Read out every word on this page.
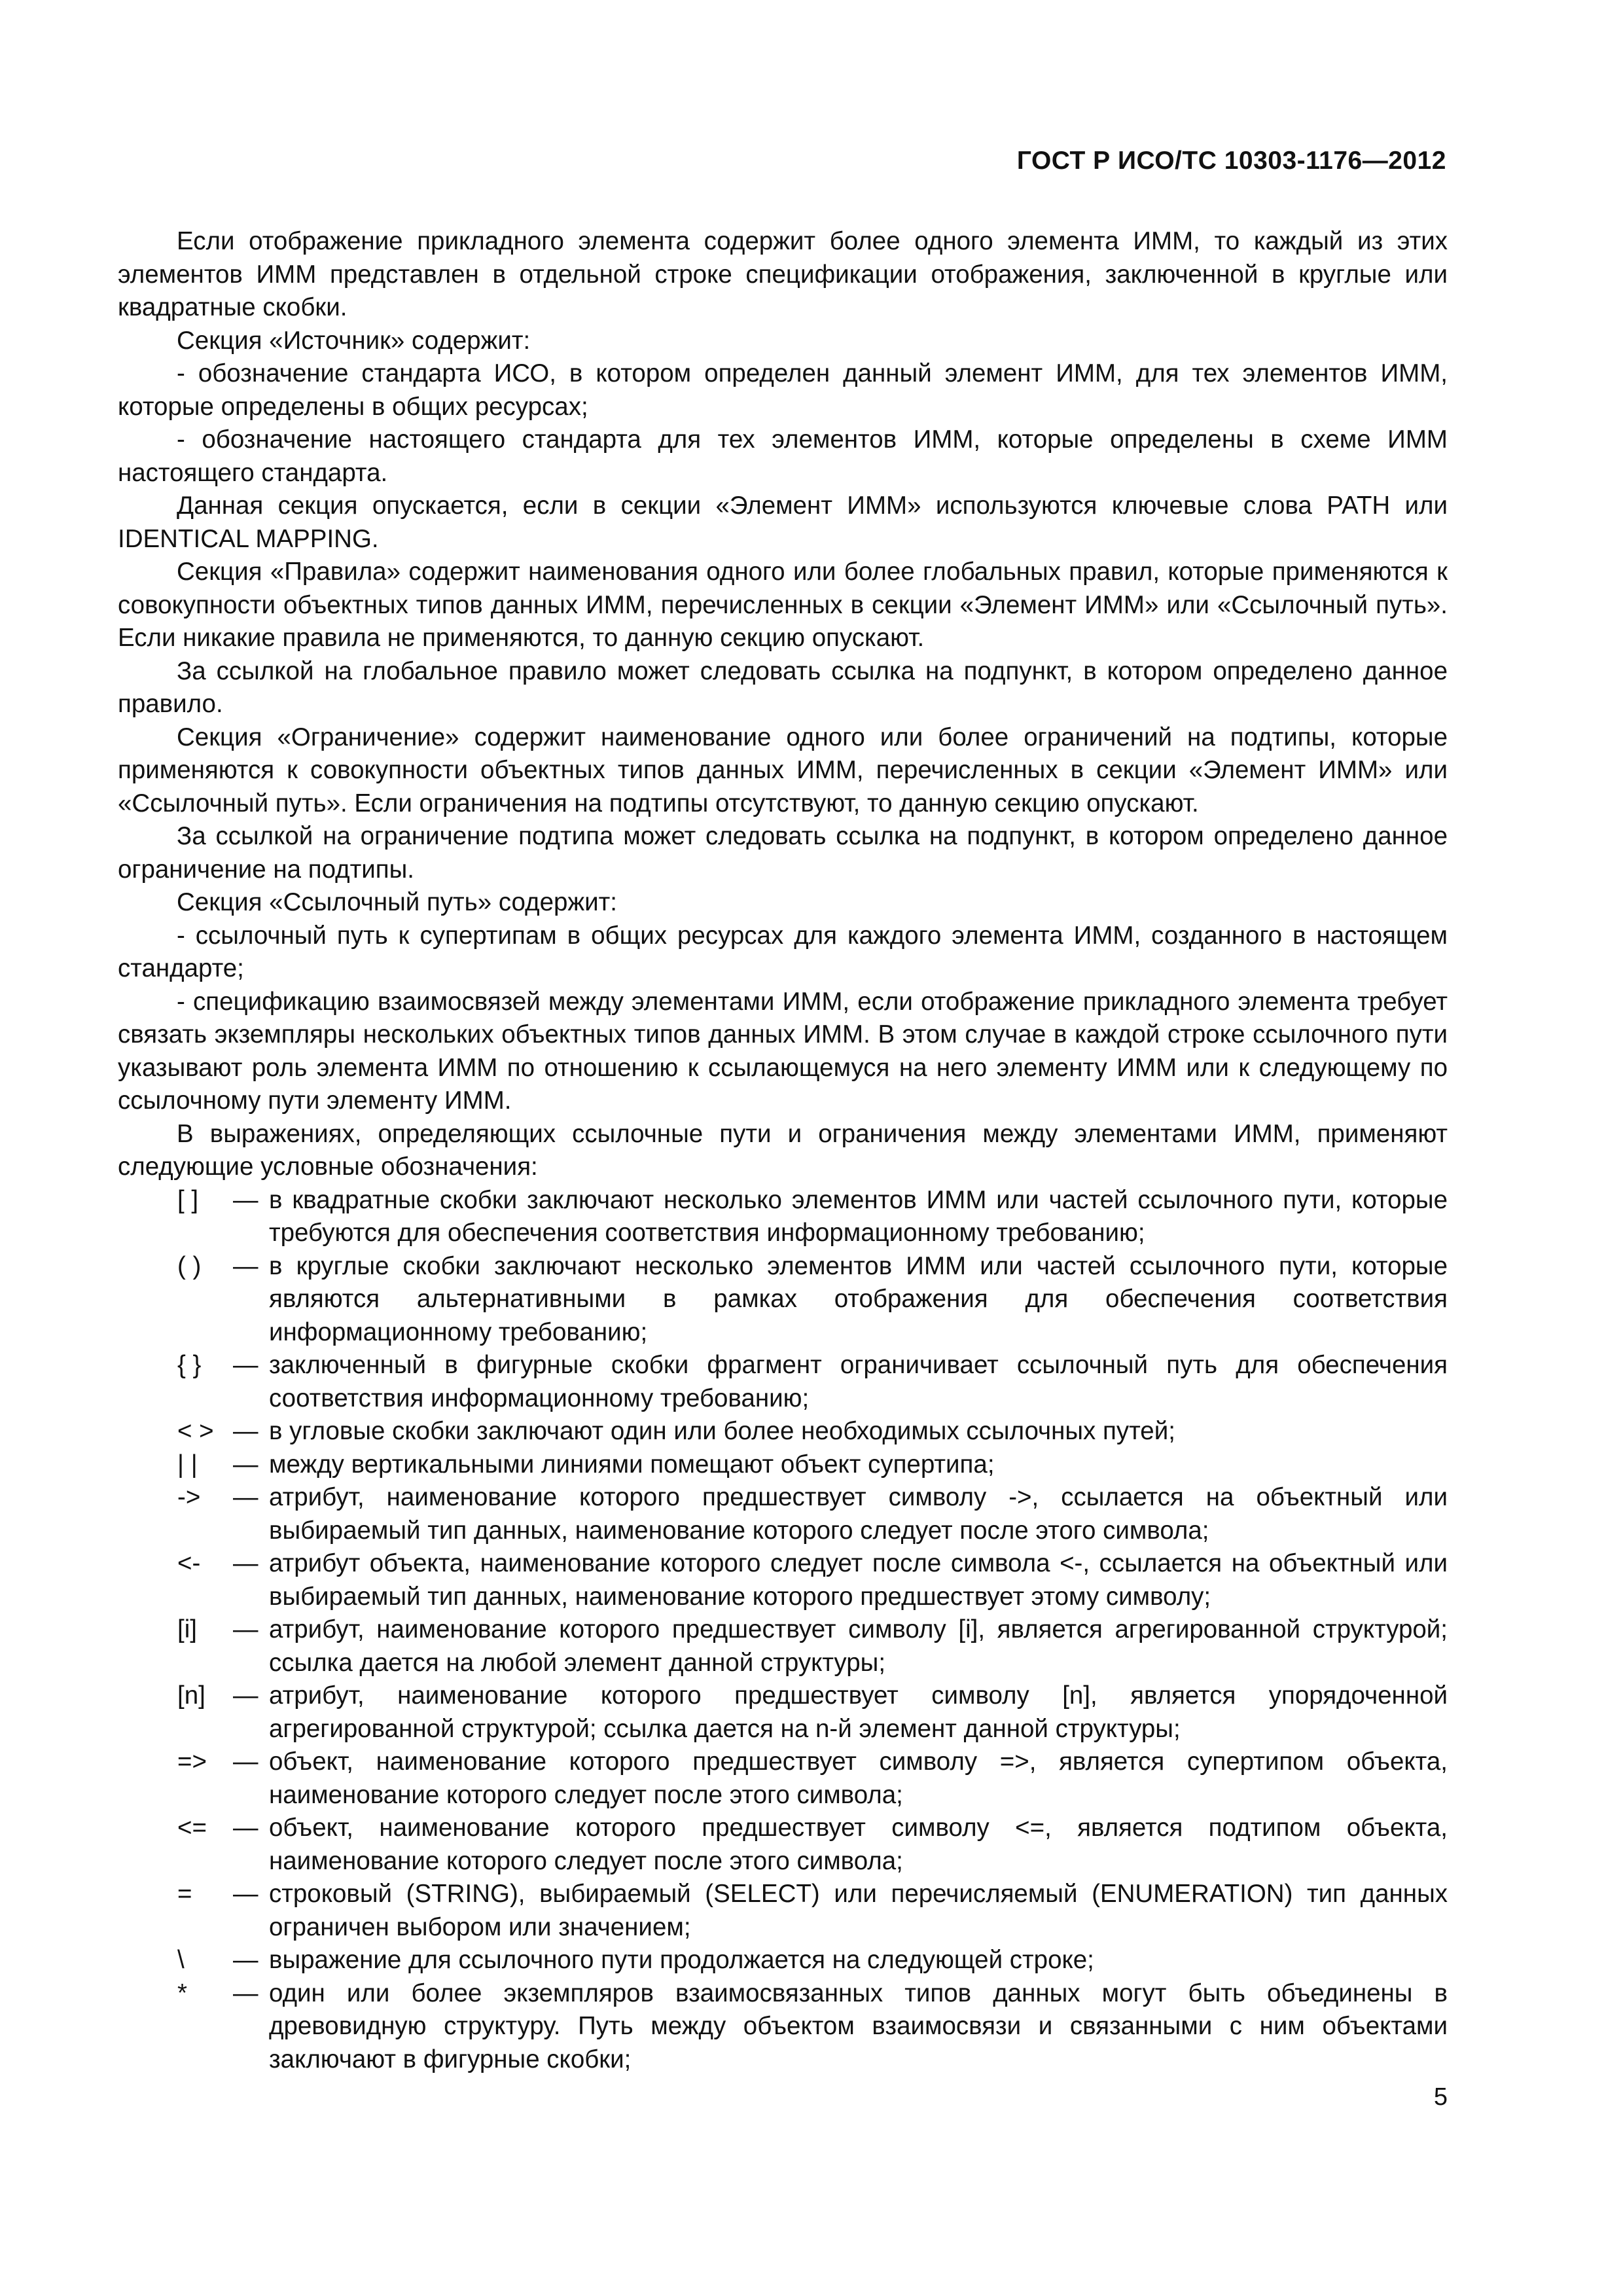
ГОСТ Р ИСО/ТС 10303-1176—2012

Если отображение прикладного элемента содержит более одного элемента ИММ, то каждый из этих элементов ИММ представлен в отдельной строке спецификации отображения, заключенной в круглые или квадратные скобки.

Секция «Источник» содержит:

- обозначение стандарта ИСО, в котором определен данный элемент ИММ, для тех элементов ИММ, которые определены в общих ресурсах;

- обозначение настоящего стандарта для тех элементов ИММ, которые определены в схеме ИММ настоящего стандарта.

Данная секция опускается, если в секции «Элемент ИММ» используются ключевые слова PATH или IDENTICAL MAPPING.

Секция «Правила» содержит наименования одного или более глобальных правил, которые применяются к совокупности объектных типов данных ИММ, перечисленных в секции «Элемент ИММ» или «Ссылочный путь». Если никакие правила не применяются, то данную секцию опускают.

За ссылкой на глобальное правило может следовать ссылка на подпункт, в котором определено данное правило.

Секция «Ограничение» содержит наименование одного или более ограничений на подтипы, которые применяются к совокупности объектных типов данных ИММ, перечисленных в секции «Элемент ИММ» или «Ссылочный путь». Если ограничения на подтипы отсутствуют, то данную секцию опускают.

За ссылкой на ограничение подтипа может следовать ссылка на подпункт, в котором определено данное ограничение на подтипы.

Секция «Ссылочный путь» содержит:

- ссылочный путь к супертипам в общих ресурсах для каждого элемента ИММ, созданного в настоящем стандарте;

- спецификацию взаимосвязей между элементами ИММ, если отображение прикладного элемента требует связать экземпляры нескольких объектных типов данных ИММ. В этом случае в каждой строке ссылочного пути указывают роль элемента ИММ по отношению к ссылающемуся на него элементу ИММ или к следующему по ссылочному пути элементу ИММ.

В выражениях, определяющих ссылочные пути и ограничения между элементами ИММ, применяют следующие условные обозначения:

[ ] — в квадратные скобки заключают несколько элементов ИММ или частей ссылочного пути, которые требуются для обеспечения соответствия информационному требованию;
( ) — в круглые скобки заключают несколько элементов ИММ или частей ссылочного пути, которые являются альтернативными в рамках отображения для обеспечения соответствия информационному требованию;
{ } — заключенный в фигурные скобки фрагмент ограничивает ссылочный путь для обеспечения соответствия информационному требованию;
< > — в угловые скобки заключают один или более необходимых ссылочных путей;
| | — между вертикальными линиями помещают объект супертипа;
-> — атрибут, наименование которого предшествует символу ->, ссылается на объектный или выбираемый тип данных, наименование которого следует после этого символа;
<- — атрибут объекта, наименование которого следует после символа <-, ссылается на объектный или выбираемый тип данных, наименование которого предшествует этому символу;
[i] — атрибут, наименование которого предшествует символу [i], является агрегированной структурой; ссылка дается на любой элемент данной структуры;
[n] — атрибут, наименование которого предшествует символу [n], является упорядоченной агрегированной структурой; ссылка дается на n-й элемент данной структуры;
=> — объект, наименование которого предшествует символу =>, является супертипом объекта, наименование которого следует после этого символа;
<= — объект, наименование которого предшествует символу <=, является подтипом объекта, наименование которого следует после этого символа;
= — строковый (STRING), выбираемый (SELECT) или перечисляемый (ENUMERATION) тип данных ограничен выбором или значением;
\ — выражение для ссылочного пути продолжается на следующей строке;
* — один или более экземпляров взаимосвязанных типов данных могут быть объединены в древовидную структуру. Путь между объектом взаимосвязи и связанными с ним объектами заключают в фигурные скобки;
5
